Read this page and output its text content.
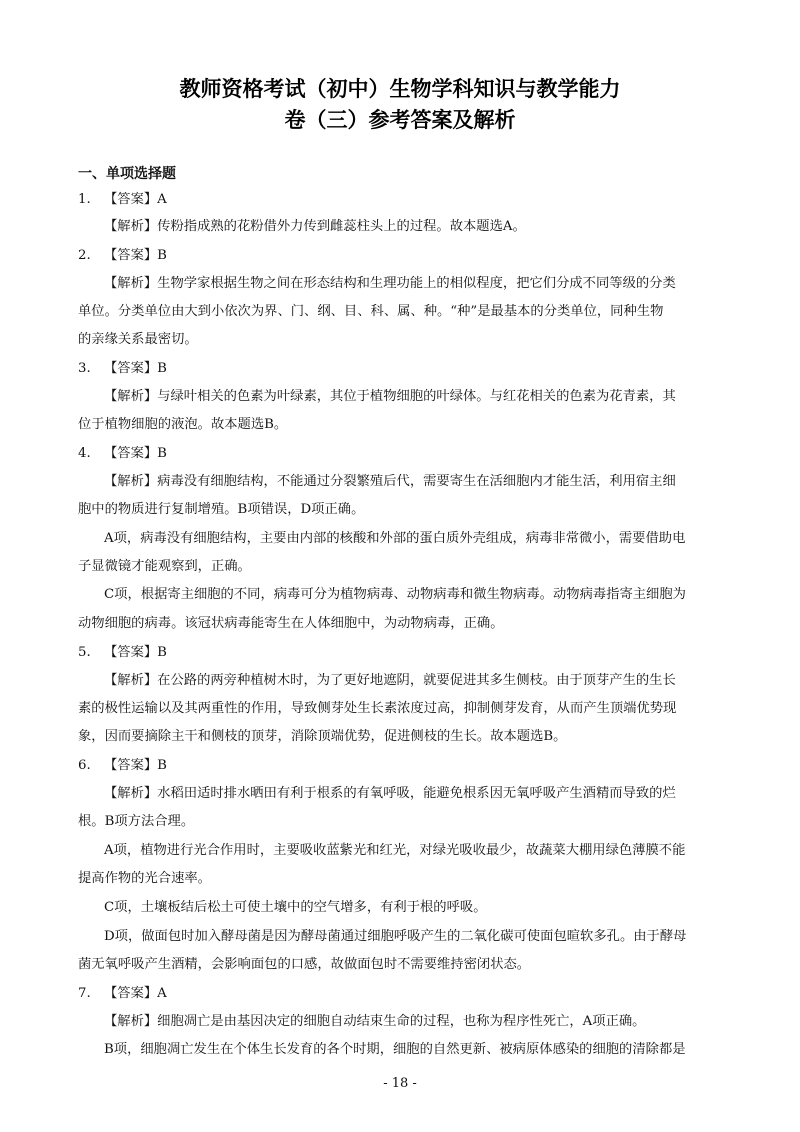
教师资格考试（初中）生物学科知识与教学能力
卷（三）参考答案及解析
一、单项选择题
1. 【答案】A
【解析】传粉指成熟的花粉借外力传到雌蕊柱头上的过程。故本题选A。
2. 【答案】B
【解析】生物学家根据生物之间在形态结构和生理功能上的相似程度，把它们分成不同等级的分类
单位。分类单位由大到小依次为界、门、纲、目、科、属、种。“种”是最基本的分类单位，同种生物
的亲缘关系最密切。
3. 【答案】B
【解析】与绿叶相关的色素为叶绿素，其位于植物细胞的叶绿体。与红花相关的色素为花青素，其
位于植物细胞的液泡。故本题选B。
4. 【答案】B
【解析】病毒没有细胞结构，不能通过分裂繁殖后代，需要寄生在活细胞内才能生活，利用宿主细
胞中的物质进行复制增殖。B项错误，D项正确。
A项，病毒没有细胞结构，主要由内部的核酸和外部的蛋白质外壳组成，病毒非常微小，需要借助电
子显微镜才能观察到，正确。
C项，根据寄主细胞的不同，病毒可分为植物病毒、动物病毒和微生物病毒。动物病毒指寄主细胞为
动物细胞的病毒。该冠状病毒能寄生在人体细胞中，为动物病毒，正确。
5. 【答案】B
【解析】在公路的两旁种植树木时，为了更好地遮阴，就要促进其多生侧枝。由于顶芽产生的生长
素的极性运输以及其两重性的作用，导致侧芽处生长素浓度过高，抑制侧芽发育，从而产生顶端优势现
象，因而要摘除主干和侧枝的顶芽，消除顶端优势，促进侧枝的生长。故本题选B。
6. 【答案】B
【解析】水稻田适时排水晒田有利于根系的有氧呼吸，能避免根系因无氧呼吸产生酒精而导致的烂
根。B项方法合理。
A项，植物进行光合作用时，主要吸收蓝紫光和红光，对绿光吸收最少，故蔬菜大棚用绿色薄膜不能
提高作物的光合速率。
C项，土壤板结后松土可使土壤中的空气增多，有利于根的呼吸。
D项，做面包时加入酵母菌是因为酵母菌通过细胞呼吸产生的二氧化碳可使面包暄软多孔。由于酵母
菌无氧呼吸产生酒精，会影响面包的口感，故做面包时不需要维持密闭状态。
7. 【答案】A
【解析】细胞凋亡是由基因决定的细胞自动结束生命的过程，也称为程序性死亡，A项正确。
B项，细胞凋亡发生在个体生长发育的各个时期，细胞的自然更新、被病原体感染的细胞的清除都是
- 18 -
